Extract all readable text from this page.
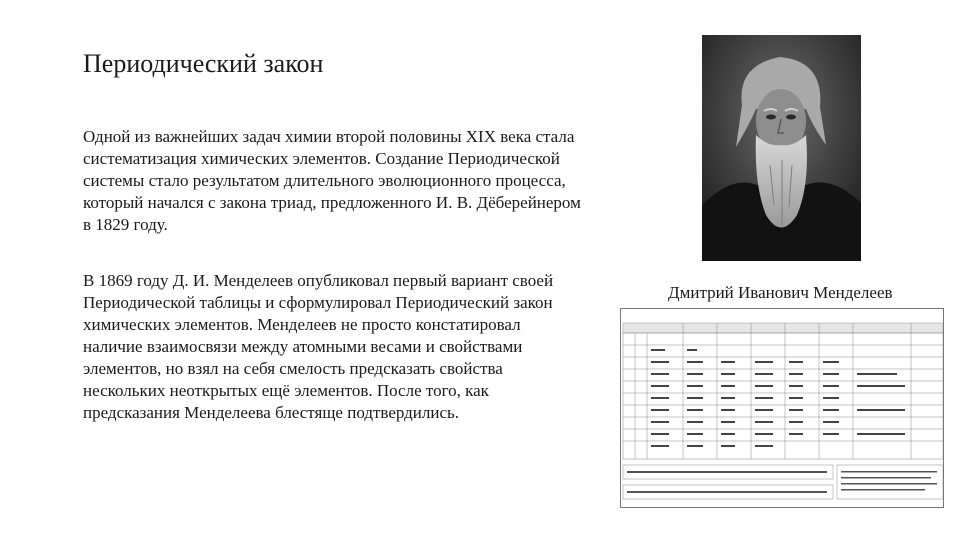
Периодический закон

Одной из важнейших задач химии второй половины XIX века стала систематизация химических элементов. Создание Периодической системы стало результатом длительного эволюционного процесса, который начался с закона триад, предложенного И. В. Дёберейнером в 1829 году.

В 1869 году Д. И. Менделеев опубликовал первый вариант своей Периодической таблицы и сформулировал Периодический закон химических элементов. Менделеев не просто констатировал наличие взаимосвязи между атомными весами и свойствами элементов, но взял на себя смелость предсказать свойства нескольких неоткрытых ещё элементов. После того, как предсказания Менделеева блестяще подтвердились.

Дмитрий Иванович Менделеев
